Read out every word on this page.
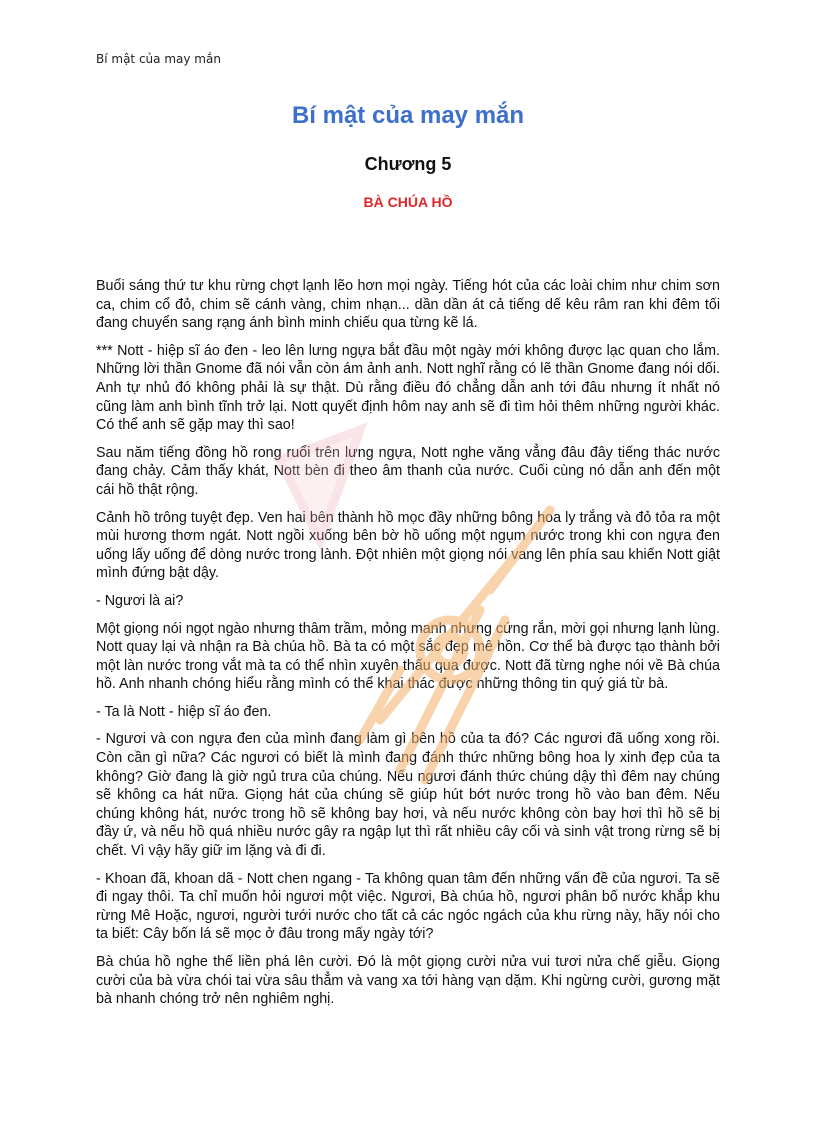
Bí mật của may mắn
Bí mật của may mắn
Chương 5
BÀ CHÚA HỒ

Buổi sáng thứ tư khu rừng chợt lạnh lẽo hơn mọi ngày. Tiếng hót của các loài chim như chim sơn ca, chim cổ đỏ, chim sẽ cánh vàng, chim nhạn... dần dần át cả tiếng dế kêu râm ran khi đêm tối đang chuyển sang rạng ánh bình minh chiếu qua từng kẽ lá.

*** Nott - hiệp sĩ áo đen - leo lên lưng ngựa bắt đầu một ngày mới không được lạc quan cho lắm. Những lời thần Gnome đã nói vẫn còn ám ảnh anh. Nott nghĩ rằng có lẽ thần Gnome đang nói dối. Anh tự nhủ đó không phải là sự thật. Dù rằng điều đó chẳng dẫn anh tới đâu nhưng ít nhất nó cũng làm anh bình tĩnh trở lại. Nott quyết định hôm nay anh sẽ đi tìm hỏi thêm những người khác. Có thể anh sẽ gặp may thì sao!

Sau năm tiếng đồng hồ rong ruổi trên lưng ngựa, Nott nghe văng vẳng đâu đây tiếng thác nước đang chảy. Cảm thấy khát, Nott bèn đi theo âm thanh của nước. Cuối cùng nó dẫn anh đến một cái hồ thật rộng.

Cảnh hồ trông tuyệt đẹp. Ven hai bên thành hồ mọc đầy những bông hoa ly trắng và đỏ tỏa ra một mùi hương thơm ngát. Nott ngồi xuống bên bờ hồ uống một ngụm nước trong khi con ngựa đen uống lấy uống để dòng nước trong lành. Đột nhiên một giọng nói vang lên phía sau khiến Nott giật mình đứng bật dậy.

- Ngươi là ai?

Một giọng nói ngọt ngào nhưng thâm trầm, mỏng manh nhưng cứng rắn, mời gọi nhưng lạnh lùng. Nott quay lại và nhận ra Bà chúa hồ. Bà ta có một sắc đẹp mê hồn. Cơ thể bà được tạo thành bởi một làn nước trong vắt mà ta có thể nhìn xuyên thấu qua được. Nott đã từng nghe nói về Bà chúa hồ. Anh nhanh chóng hiểu rằng mình có thể khai thác được những thông tin quý giá từ bà.

- Ta là Nott - hiệp sĩ áo đen.

- Ngươi và con ngựa đen của mình đang làm gì bên hồ của ta đó? Các ngươi đã uống xong rồi. Còn cần gì nữa? Các ngươi có biết là mình đang đánh thức những bông hoa ly xinh đẹp của ta không? Giờ đang là giờ ngủ trưa của chúng. Nếu ngươi đánh thức chúng dậy thì đêm nay chúng sẽ không ca hát nữa. Giọng hát của chúng sẽ giúp hút bớt nước trong hồ vào ban đêm. Nếu chúng không hát, nước trong hồ sẽ không bay hơi, và nếu nước không còn bay hơi thì hồ sẽ bị đầy ứ, và nếu hồ quá nhiều nước gây ra ngập lụt thì rất nhiều cây cối và sinh vật trong rừng sẽ bị chết. Vì vậy hãy giữ im lặng và đi đi.

- Khoan đã, khoan dã - Nott chen ngang - Ta không quan tâm đến những vấn đề của ngươi. Ta sẽ đi ngay thôi. Ta chỉ muốn hỏi ngươi một việc. Ngươi, Bà chúa hồ, ngươi phân bố nước khắp khu rừng Mê Hoặc, ngươi, người tưới nước cho tất cả các ngóc ngách của khu rừng này, hãy nói cho ta biết: Cây bốn lá sẽ mọc ở đâu trong mấy ngày tới?

Bà chúa hồ nghe thế liền phá lên cười. Đó là một giọng cười nửa vui tươi nửa chế giễu. Giọng cười của bà vừa chói tai vừa sâu thẳm và vang xa tới hàng vạn dặm. Khi ngừng cười, gương mặt bà nhanh chóng trở nên nghiêm nghị.
